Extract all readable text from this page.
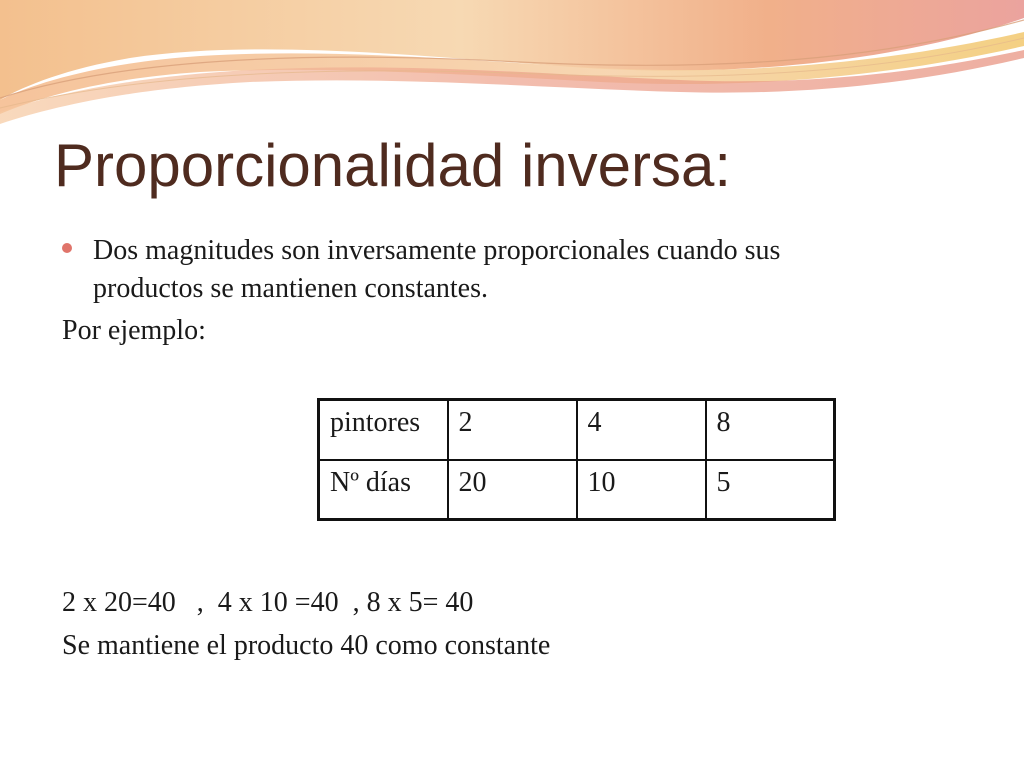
Proporcionalidad inversa:
Dos magnitudes son inversamente proporcionales cuando sus productos se mantienen constantes.
Por ejemplo:
pintores	2	4	8
Nº días	20	10	5
2 x 20=40   ,  4 x 10 =40  , 8 x 5= 40
Se mantiene el producto 40 como constante
